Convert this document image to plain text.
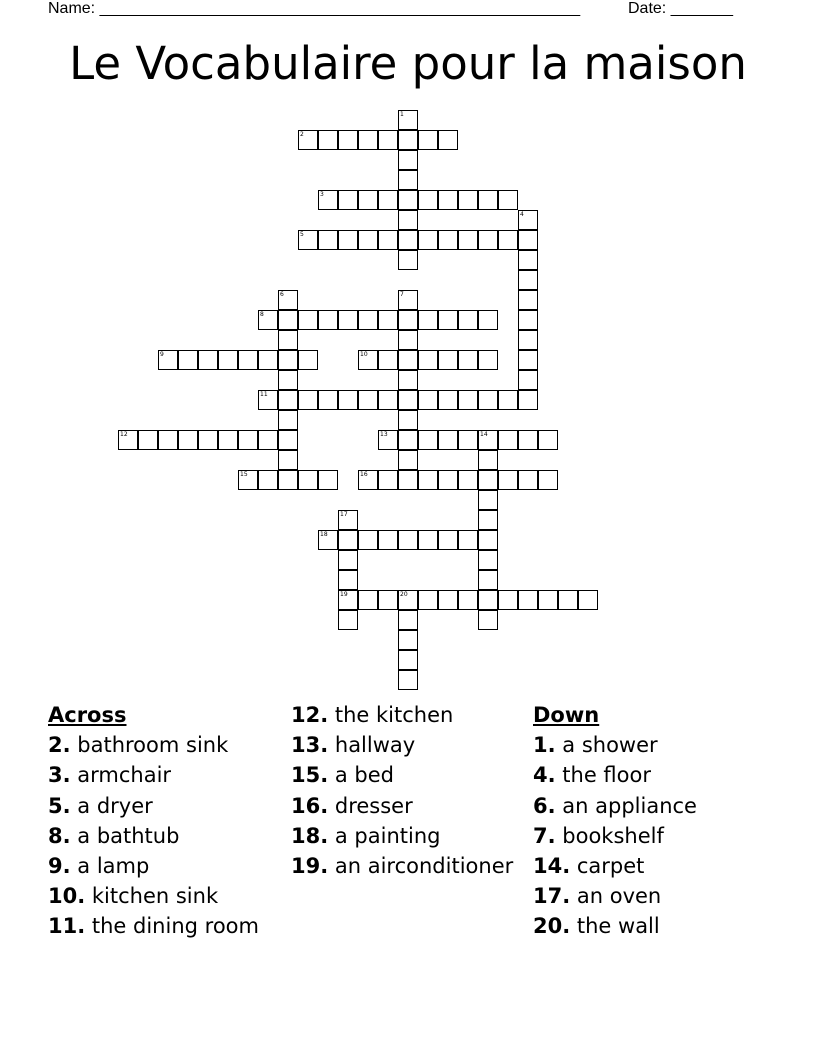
Name: ______________________________________________________	Date: _______
Le Vocabulaire pour la maison
1
2
3
4
5
6	7
8
9	10
11
12	13	14
15	16
17
19
18
20
Across
2. bathroom sink
3. armchair
5. a dryer
8. a bathtub
9. a lamp
10. kitchen sink
11. the dining room
12. the kitchen
13. hallway
15. a bed
16. dresser
18. a painting
19. an airconditioner
Down
1. a shower
4. the floor
6. an appliance
7. bookshelf
14. carpet
17. an oven
20. the wall
